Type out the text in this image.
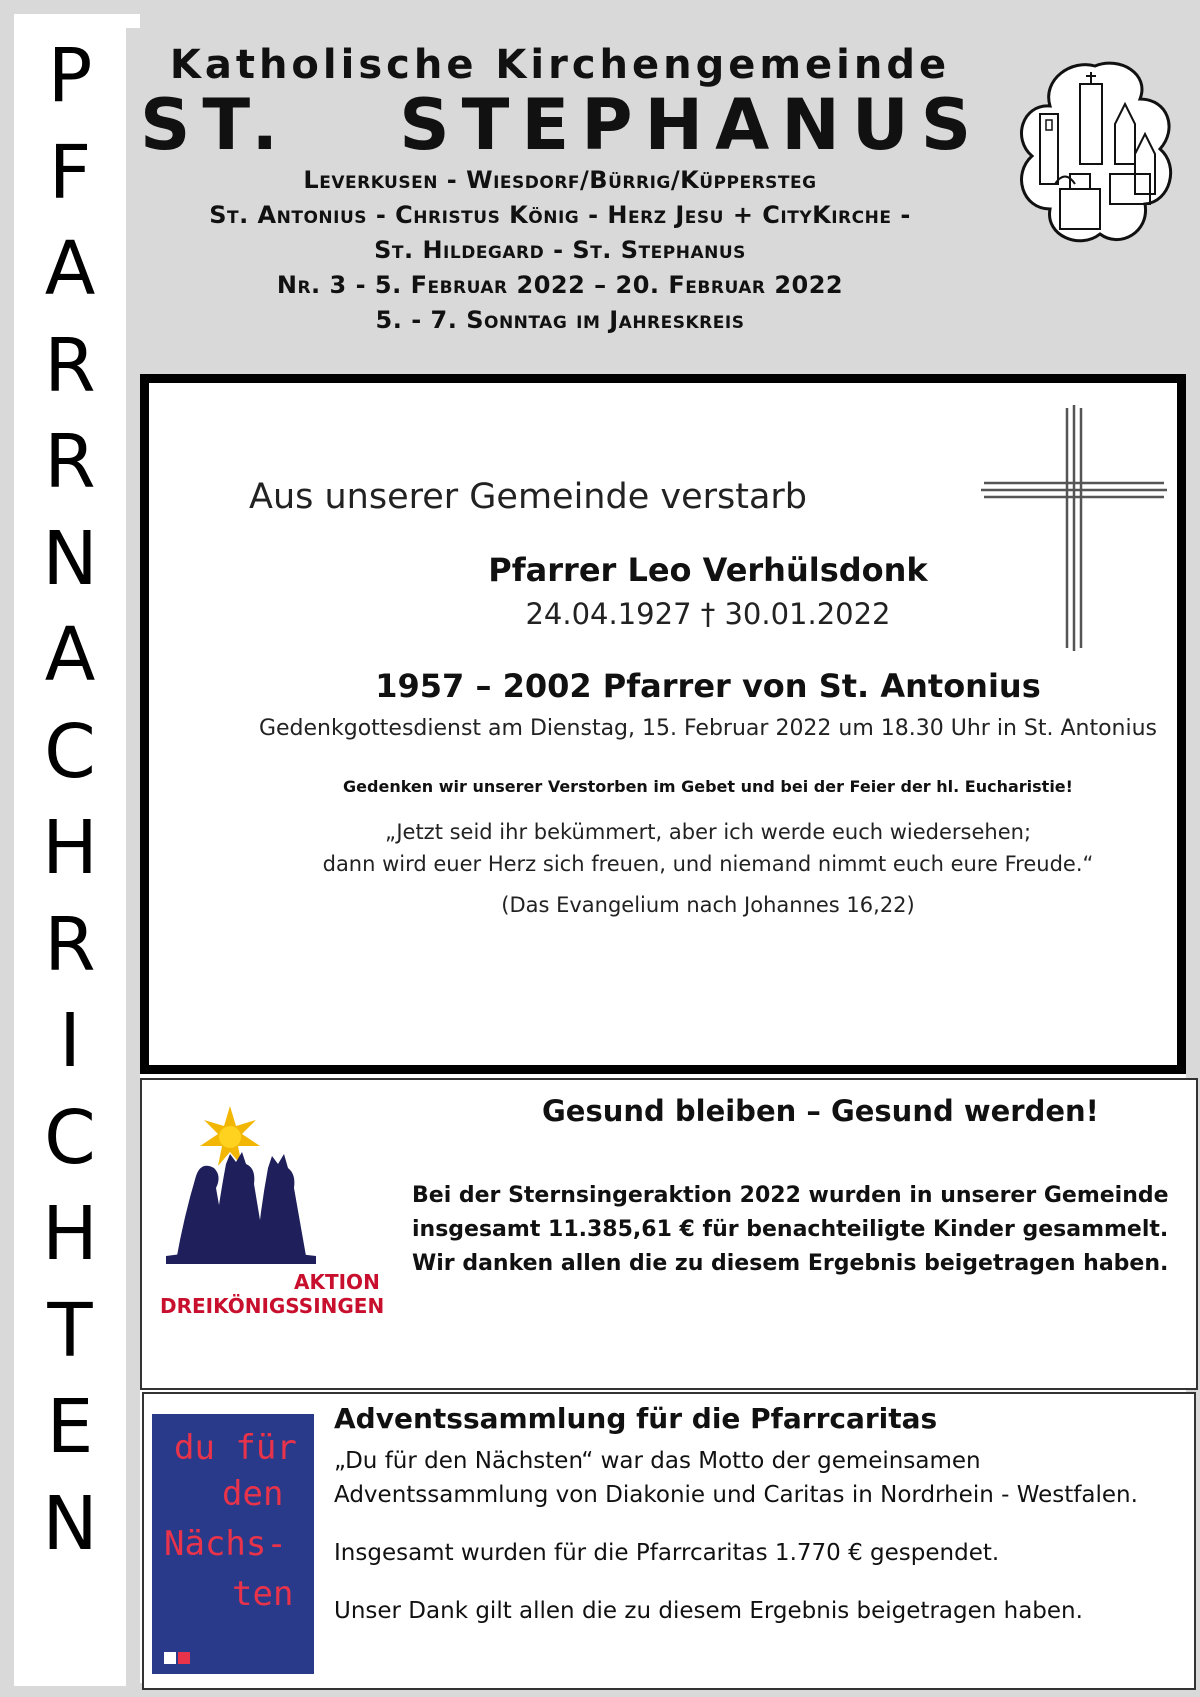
P
F
A
R
R
N
A
C
H
R
I
C
H
T
E
N
Katholische Kirchengemeinde
ST.   STEPHANUS
Leverkusen - Wiesdorf/Bürrig/Küppersteg
St. Antonius - Christus König - Herz Jesu + CityKirche -
St. Hildegard - St. Stephanus
Nr. 3 - 5. Februar 2022 – 20. Februar 2022
5. - 7. Sonntag im Jahreskreis
Aus unserer Gemeinde verstarb
Pfarrer Leo Verhülsdonk
24.04.1927 † 30.01.2022
1957 – 2002 Pfarrer von St. Antonius
Gedenkgottesdienst am Dienstag, 15. Februar 2022 um 18.30 Uhr in St. Antonius
Gedenken wir unserer Verstorben im Gebet und bei der Feier der hl. Eucharistie!
„Jetzt seid ihr bekümmert, aber ich werde euch wiedersehen;
dann wird euer Herz sich freuen, und niemand nimmt euch eure Freude.“
(Das Evangelium nach Johannes 16,22)
AKTION
DREIKÖNIGSSINGEN
Gesund bleiben – Gesund werden!
Bei der Sternsingeraktion 2022 wurden in unserer Gemeinde
insgesamt 11.385,61 € für benachteiligte Kinder gesammelt.
Wir danken allen die zu diesem Ergebnis beigetragen haben.
du für
den
Nächs-
ten
Adventssammlung für die Pfarrcaritas
„Du für den Nächsten“ war das Motto der gemeinsamen
Adventssammlung von Diakonie und Caritas in Nordrhein - Westfalen.
Insgesamt wurden für die Pfarrcaritas 1.770 € gespendet.
Unser Dank gilt allen die zu diesem Ergebnis beigetragen haben.
